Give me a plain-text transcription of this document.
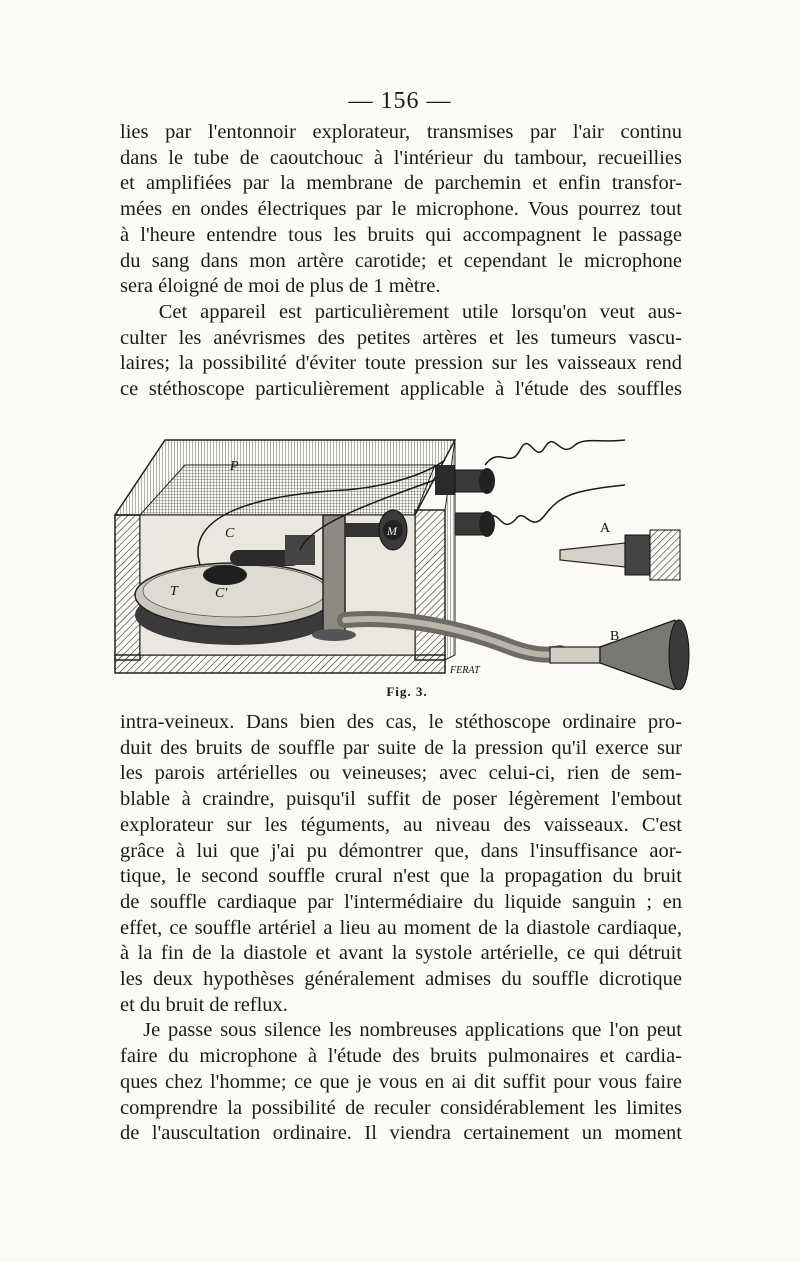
— 156 —
lies par l'entonnoir explorateur, transmises par l'air continu
dans le tube de caoutchouc à l'intérieur du tambour, recueillies
et amplifiées par la membrane de parchemin et enfin transfor-
mées en ondes électriques par le microphone. Vous pourrez tout
à l'heure entendre tous les bruits qui accompagnent le passage
du sang dans mon artère carotide; et cependant le microphone
sera éloigné de moi de plus de 1 mètre.
Cet appareil est particulièrement utile lorsqu'on veut aus-
culter les anévrismes des petites artères et les tumeurs vascu-
laires; la possibilité d'éviter toute pression sur les vaisseaux rend
ce stéthoscope particulièrement applicable à l'étude des souffles
P
C	M
T	C'
A
B
FERAT
Fig. 3.
intra-veineux. Dans bien des cas, le stéthoscope ordinaire pro-
duit des bruits de souffle par suite de la pression qu'il exerce sur
les parois artérielles ou veineuses; avec celui-ci, rien de sem-
blable à craindre, puisqu'il suffit de poser légèrement l'embout
explorateur sur les téguments, au niveau des vaisseaux. C'est
grâce à lui que j'ai pu démontrer que, dans l'insuffisance aor-
tique, le second souffle crural n'est que la propagation du bruit
de souffle cardiaque par l'intermédiaire du liquide sanguin ; en
effet, ce souffle artériel a lieu au moment de la diastole cardiaque,
à la fin de la diastole et avant la systole artérielle, ce qui détruit
les deux hypothèses généralement admises du souffle dicrotique
et du bruit de reflux.
Je passe sous silence les nombreuses applications que l'on peut
faire du microphone à l'étude des bruits pulmonaires et cardia-
ques chez l'homme; ce que je vous en ai dit suffit pour vous faire
comprendre la possibilité de reculer considérablement les limites
de l'auscultation ordinaire. Il viendra certainement un moment
